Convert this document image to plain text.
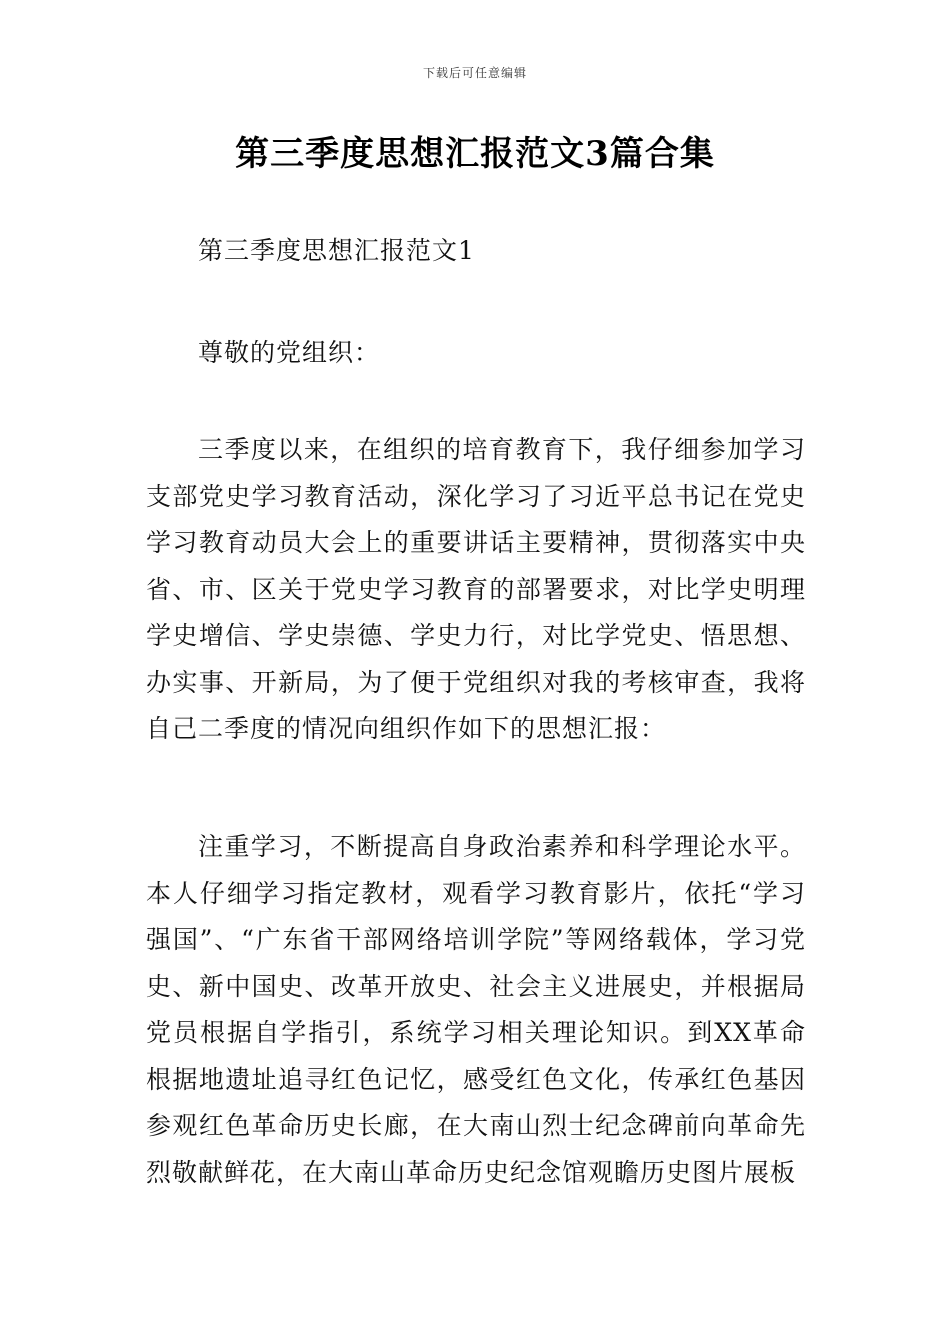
下载后可任意编辑
第三季度思想汇报范文3篇合集

第三季度思想汇报范文1

尊敬的党组织：

三季度以来，在组织的培育教育下，我仔细参加学习支部党史学习教育活动，深化学习了习近平总书记在党史学习教育动员大会上的重要讲话主要精神，贯彻落实中央省、市、区关于党史学习教育的部署要求，对比学史明理学史增信、学史崇德、学史力行，对比学党史、悟思想、办实事、开新局，为了便于党组织对我的考核审查，我将自己二季度的情况向组织作如下的思想汇报：

注重学习，不断提高自身政治素养和科学理论水平。本人仔细学习指定教材，观看学习教育影片，依托“学习强国”、“广东省干部网络培训学院”等网络载体，学习党史、新中国史、改革开放史、社会主义进展史，并根据局党员根据自学指引，系统学习相关理论知识。到XX革命根据地遗址追寻红色记忆，感受红色文化，传承红色基因参观红色革命历史长廊，在大南山烈士纪念碑前向革命先烈敬献鲜花，在大南山革命历史纪念馆观瞻历史图片展板
